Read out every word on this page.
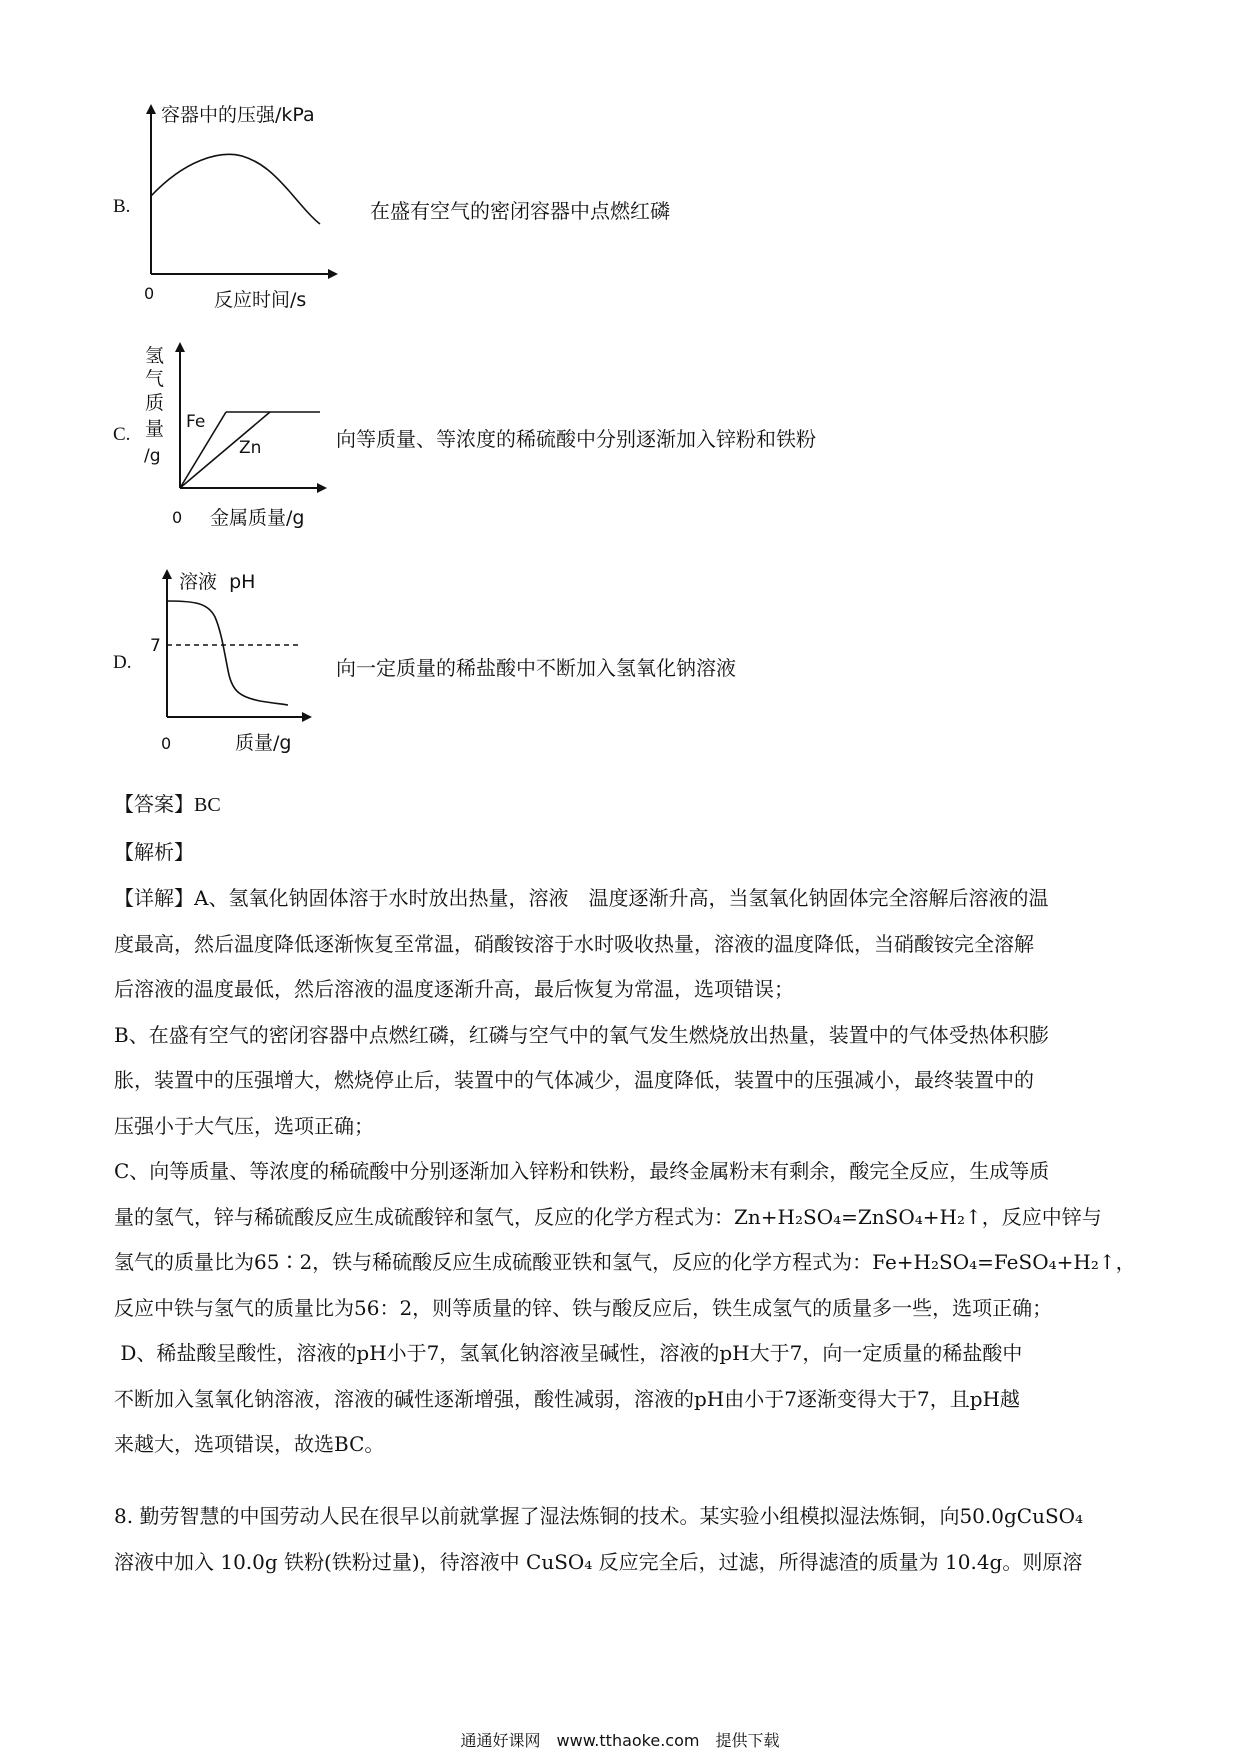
B.
容器中的压强/kPa
0	反应时间/s
在盛有空气的密闭容器中点燃红磷
C.
氢
气
质
量
/g
Fe
Zn
0 金属质量/g
向等质量、等浓度的稀硫酸中分别逐渐加入锌粉和铁粉
D.
溶液  pH
7
0	质量/g
向一定质量的稀盐酸中不断加入氢氧化钠溶液
【答案】BC
【解析】

【详解】A、氢氧化钠固体溶于水时放出热量，溶液　温度逐渐升高，当氢氧化钠固体完全溶解后溶液的温

度最高，然后温度降低逐渐恢复至常温，硝酸铵溶于水时吸收热量，溶液的温度降低，当硝酸铵完全溶解

后溶液的温度最低，然后溶液的温度逐渐升高，最后恢复为常温，选项错误；

B、在盛有空气的密闭容器中点燃红磷，红磷与空气中的氧气发生燃烧放出热量，装置中的气体受热体积膨

胀，装置中的压强增大，燃烧停止后，装置中的气体减少，温度降低，装置中的压强减小，最终装置中的

压强小于大气压，选项正确；

C、向等质量、等浓度的稀硫酸中分别逐渐加入锌粉和铁粉，最终金属粉末有剩余，酸完全反应，生成等质

量的氢气，锌与稀硫酸反应生成硫酸锌和氢气，反应的化学方程式为：Zn+H₂SO₄=ZnSO₄+H₂↑，反应中锌与

氢气的质量比为65∶2，铁与稀硫酸反应生成硫酸亚铁和氢气，反应的化学方程式为：Fe+H₂SO₄=FeSO₄+H₂↑，

反应中铁与氢气的质量比为56：2，则等质量的锌、铁与酸反应后，铁生成氢气的质量多一些，选项正确；

D、稀盐酸呈酸性，溶液的pH小于7，氢氧化钠溶液呈碱性，溶液的pH大于7，向一定质量的稀盐酸中

不断加入氢氧化钠溶液，溶液的碱性逐渐增强，酸性减弱，溶液的pH由小于7逐渐变得大于7，且pH越

来越大，选项错误，故选BC。

8. 勤劳智慧的中国劳动人民在很早以前就掌握了湿法炼铜的技术。某实验小组模拟湿法炼铜，向50.0gCuSO₄

溶液中加入 10.0g 铁粉(铁粉过量)，待溶液中 CuSO₄ 反应完全后，过滤，所得滤渣的质量为 10.4g。则原溶

通通好课网　www.tthaoke.com　提供下载
